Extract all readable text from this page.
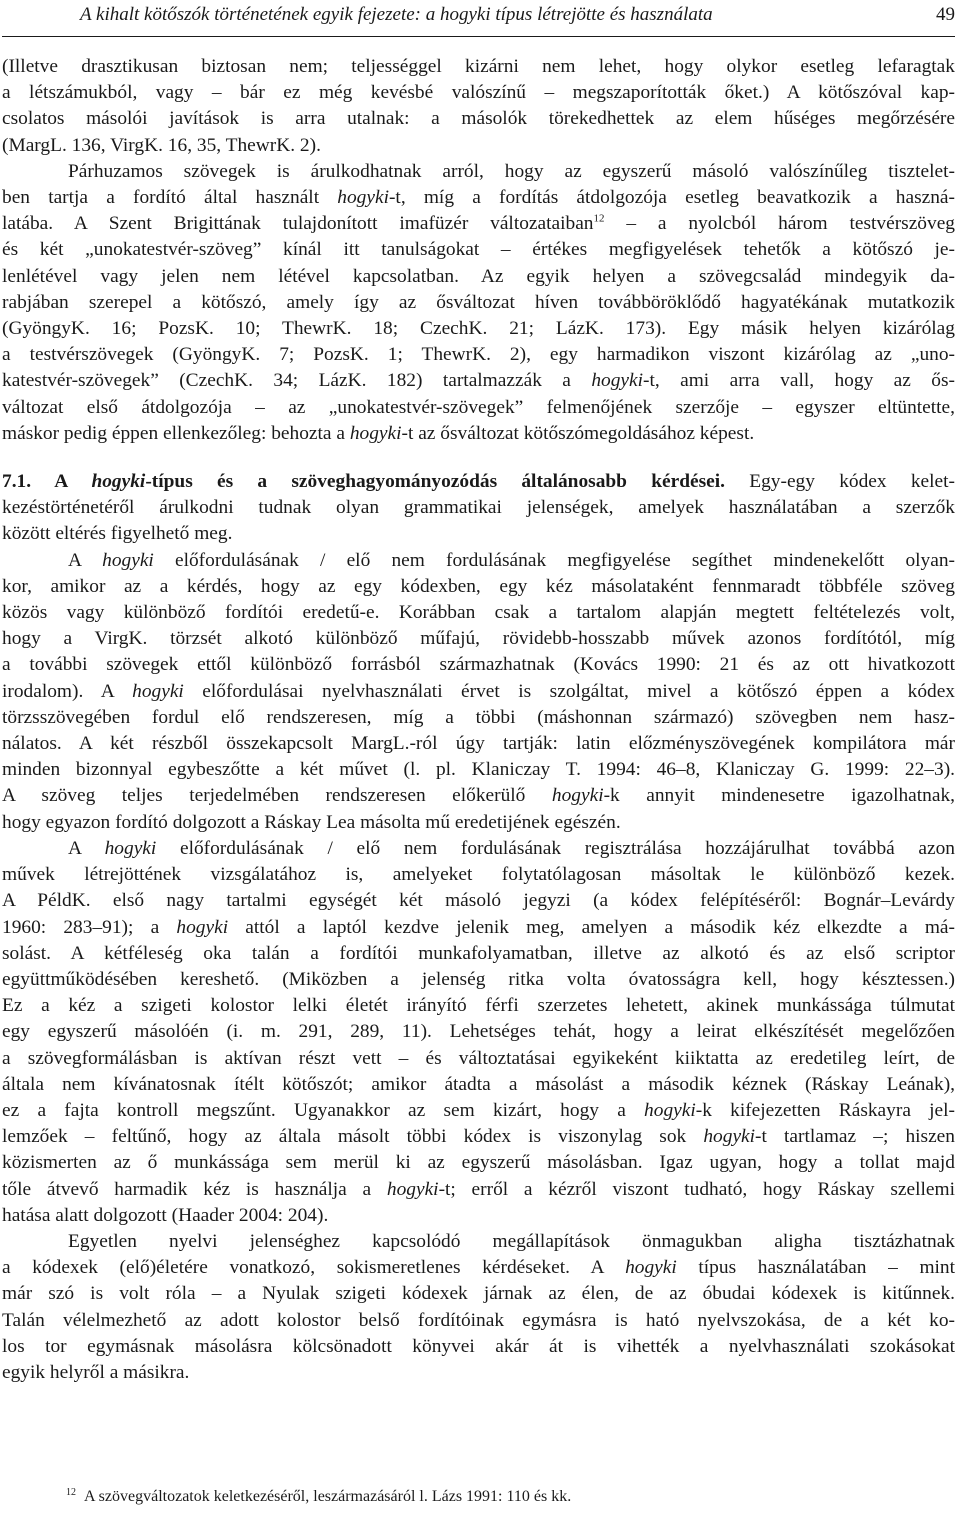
A kihalt kötőszók történetének egyik fejezete: a hogyki típus létrejötte és használata	49
(Illetve drasztikusan biztosan nem; teljességgel kizárni nem lehet, hogy olykor esetleg lefaragtak
a létszámukból, vagy – bár ez még kevésbé valószínű – megszaporították őket.) A kötőszóval kap-
csolatos másolói javítások is arra utalnak: a másolók törekedhettek az elem hűséges megőrzésére
(MargL. 136, VirgK. 16, 35, ThewrK. 2).
Párhuzamos szövegek is árulkodhatnak arról, hogy az egyszerű másoló valószínűleg tisztelet-
ben tartja a fordító által használt hogyki-t, míg a fordítás átdolgozója esetleg beavatkozik a haszná-
latába. A Szent Brigittának tulajdonított imafüzér változataiban$^{12}$ – a nyolcból három testvérszöveg
és két „unokatestvér-szöveg” kínál itt tanulságokat – értékes megfigyelések tehetők a kötőszó je-
lenlétével vagy jelen nem létével kapcsolatban. Az egyik helyen a szövegcsalád mindegyik da-
rabjában szerepel a kötőszó, amely így az ősváltozat híven továbböröklődő hagyatékának mutatkozik
(GyöngyK. 16; PozsK. 10; ThewrK. 18; CzechK. 21; LázK. 173). Egy másik helyen kizárólag
a testvérszövegek (GyöngyK. 7; PozsK. 1; ThewrK. 2), egy harmadikon viszont kizárólag az „uno-
katestvér-szövegek” (CzechK. 34; LázK. 182) tartalmazzák a hogyki-t, ami arra vall, hogy az ős-
változat első átdolgozója – az „unokatestvér-szövegek” felmenőjének szerzője – egyszer eltüntette,
máskor pedig éppen ellenkezőleg: behozta a hogyki-t az ősváltozat kötőszómegoldásához képest.
7.1. A hogyki-típus és a szöveghagyományozódás általánosabb kérdései. Egy-egy kódex kelet-
kezéstörténetéről árulkodni tudnak olyan grammatikai jelenségek, amelyek használatában a szerzők
között eltérés figyelhető meg.
A hogyki előfordulásának / elő nem fordulásának megfigyelése segíthet mindenekelőtt olyan-
kor, amikor az a kérdés, hogy az egy kódexben, egy kéz másolataként fennmaradt többféle szöveg
közös vagy különböző fordítói eredetű-e. Korábban csak a tartalom alapján megtett feltételezés volt,
hogy a VirgK. törzsét alkotó különböző műfajú, rövidebb-hosszabb művek azonos fordítótól, míg
a további szövegek ettől különböző forrásból származhatnak (Kovács 1990: 21 és az ott hivatkozott
irodalom). A hogyki előfordulásai nyelvhasználati érvet is szolgáltat, mivel a kötőszó éppen a kódex
törzsszövegében fordul elő rendszeresen, míg a többi (máshonnan származó) szövegben nem hasz-
nálatos. A két részből összekapcsolt MargL.-ról úgy tartják: latin előzményszövegének kompilátora már
minden bizonnyal egybeszőtte a két művet (l. pl. Klaniczay T. 1994: 46–8, Klaniczay G. 1999: 22–3).
A szöveg teljes terjedelmében rendszeresen előkerülő hogyki-k annyit mindenesetre igazolhatnak,
hogy egyazon fordító dolgozott a Ráskay Lea másolta mű eredetijének egészén.
A hogyki előfordulásának / elő nem fordulásának regisztrálása hozzájárulhat továbbá azon
művek létrejöttének vizsgálatához is, amelyeket folytatólagosan másoltak le különböző kezek.
A PéldK. első nagy tartalmi egységét két másoló jegyzi (a kódex felépítéséről: Bognár–Levárdy
1960: 283–91); a hogyki attól a laptól kezdve jelenik meg, amelyen a második kéz elkezdte a má-
solást. A kétféleség oka talán a fordítói munkafolyamatban, illetve az alkotó és az első scriptor
együttműködésében kereshető. (Miközben a jelenség ritka volta óvatosságra kell, hogy késztessen.)
Ez a kéz a szigeti kolostor lelki életét irányító férfi szerzetes lehetett, akinek munkássága túlmutat
egy egyszerű másolóén (i. m. 291, 289, 11). Lehetséges tehát, hogy a leirat elkészítését megelőzően
a szövegformálásban is aktívan részt vett – és változtatásai egyikeként kiiktatta az eredetileg leírt, de
általa nem kívánatosnak ítélt kötőszót; amikor átadta a másolást a második kéznek (Ráskay Leának),
ez a fajta kontroll megszűnt. Ugyanakkor az sem kizárt, hogy a hogyki-k kifejezetten Ráskayra jel-
lemzőek – feltűnő, hogy az általa másolt többi kódex is viszonylag sok hogyki-t tartlamaz –; hiszen
közismerten az ő munkássága sem merül ki az egyszerű másolásban. Igaz ugyan, hogy a tollat majd
tőle átvevő harmadik kéz is használja a hogyki-t; erről a kézről viszont tudható, hogy Ráskay szellemi
hatása alatt dolgozott (Haader 2004: 204).
Egyetlen nyelvi jelenséghez kapcsolódó megállapítások önmagukban aligha tisztázhatnak
a kódexek (elő)életére vonatkozó, sokismeretlenes kérdéseket. A hogyki típus használatában – mint
már szó is volt róla – a Nyulak szigeti kódexek járnak az élen, de az óbudai kódexek is kitűnnek.
Talán vélelmezhető az adott kolostor belső fordítóinak egymásra is ható nyelvszokása, de a két ko-
los tor egymásnak másolásra kölcsönadott könyvei akár át is vihették a nyelvhasználati szokásokat
egyik helyről a másikra.
$^{12}$ A szövegváltozatok keletkezéséről, leszármazásáról l. Lázs 1991: 110 és kk.
